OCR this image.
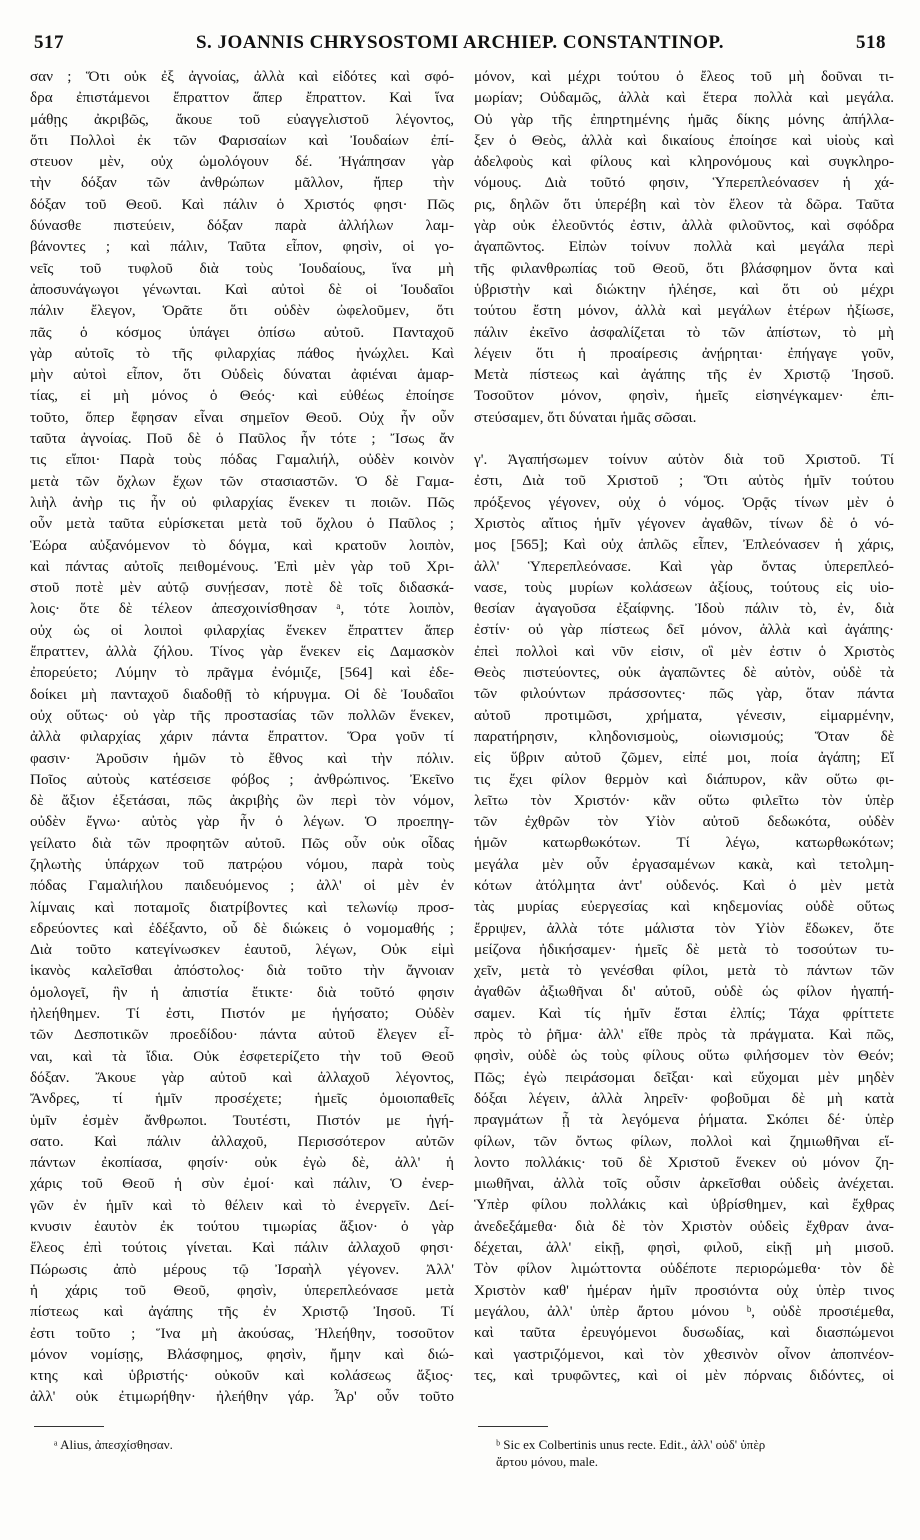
517	S. JOANNIS CHRYSOSTOMI ARCHIEP. CONSTANTINOP.	518
σαν ; Ὅτι οὐκ ἐξ ἀγνοίας, ἀλλὰ καὶ εἰδότες καὶ σφό-
δρα ἐπιστάμενοι ἔπραττον ἅπερ ἔπραττον. Καὶ ἵνα
μάθῃς ἀκριβῶς, ἄκουε τοῦ εὐαγγελιστοῦ λέγοντος,
ὅτι Πολλοὶ ἐκ τῶν Φαρισαίων καὶ Ἰουδαίων ἐπί-
στευον μὲν, οὐχ ὡμολόγουν δέ. Ἠγάπησαν γὰρ
τὴν δόξαν τῶν ἀνθρώπων μᾶλλον, ἤπερ τὴν
δόξαν τοῦ Θεοῦ. Καὶ πάλιν ὁ Χριστός φησι· Πῶς
δύνασθε πιστεύειν, δόξαν παρὰ ἀλλήλων λαμ-
βάνοντες ; καὶ πάλιν, Ταῦτα εἶπον, φησὶν, οἱ γο-
νεῖς τοῦ τυφλοῦ διὰ τοὺς Ἰουδαίους, ἵνα μὴ
ἀποσυνάγωγοι γένωνται. Καὶ αὐτοὶ δὲ οἱ Ἰουδαῖοι
πάλιν ἔλεγον, Ὁρᾶτε ὅτι οὐδὲν ὠφελοῦμεν, ὅτι
πᾶς ὁ κόσμος ὑπάγει ὀπίσω αὐτοῦ. Πανταχοῦ
γὰρ αὐτοῖς τὸ τῆς φιλαρχίας πάθος ἠνώχλει. Καὶ
μὴν αὐτοὶ εἶπον, ὅτι Οὐδεὶς δύναται ἀφιέναι ἁμαρ-
τίας, εἰ μὴ μόνος ὁ Θεός· καὶ εὐθέως ἐποίησε
τοῦτο, ὅπερ ἔφησαν εἶναι σημεῖον Θεοῦ. Οὐχ ἦν οὖν
ταῦτα ἀγνοίας. Ποῦ δὲ ὁ Παῦλος ἦν τότε ; Ἴσως ἄν
τις εἴποι· Παρὰ τοὺς πόδας Γαμαλιήλ, οὐδὲν κοινὸν
μετὰ τῶν ὄχλων ἔχων τῶν στασιαστῶν. Ὁ δὲ Γαμα-
λιὴλ ἀνὴρ τις ἦν οὐ φιλαρχίας ἕνεκεν τι ποιῶν. Πῶς
οὖν μετὰ ταῦτα εὑρίσκεται μετὰ τοῦ ὄχλου ὁ Παῦλος ;
Ἑώρα αὐξανόμενον τὸ δόγμα, καὶ κρατοῦν λοιπὸν,
καὶ πάντας αὐτοῖς πειθομένους. Ἐπὶ μὲν γὰρ τοῦ Χρι-
στοῦ ποτὲ μὲν αὐτῷ συνῄεσαν, ποτὲ δὲ τοῖς διδασκά-
λοις· ὅτε δὲ τέλεον ἀπεσχοινίσθησαν ᵃ, τότε λοιπὸν,
οὐχ ὡς οἱ λοιποὶ φιλαρχίας ἕνεκεν ἔπραττεν ἅπερ
ἔπραττεν, ἀλλὰ ζήλου. Τίνος γὰρ ἕνεκεν εἰς Δαμασκὸν
ἐπορεύετο; Λύμην τὸ πρᾶγμα ἐνόμιζε, [564] καὶ ἐδε-
δοίκει μὴ πανταχοῦ διαδοθῇ τὸ κήρυγμα. Οἱ δὲ Ἰουδαῖοι
οὐχ οὕτως· οὐ γὰρ τῆς προστασίας τῶν πολλῶν ἕνεκεν,
ἀλλὰ φιλαρχίας χάριν πάντα ἔπραττον. Ὅρα γοῦν τί
φασιν· Ἀροῦσιν ἡμῶν τὸ ἔθνος καὶ τὴν πόλιν.
Ποῖος αὐτοὺς κατέσεισε φόβος ; ἀνθρώπινος. Ἐκεῖνο
δὲ ἄξιον ἐξετάσαι, πῶς ἀκριβὴς ὢν περὶ τὸν νόμον,
οὐδὲν ἔγνω· αὐτὸς γὰρ ἦν ὁ λέγων. Ὁ προεπηγ-
γείλατο διὰ τῶν προφητῶν αὐτοῦ. Πῶς οὖν οὐκ οἶδας
ζηλωτὴς ὑπάρχων τοῦ πατρῴου νόμου, παρὰ τοὺς
πόδας Γαμαλιήλου παιδευόμενος ; ἀλλ' οἱ μὲν ἐν
λίμναις καὶ ποταμοῖς διατρίβοντες καὶ τελωνίῳ προσ-
εδρεύοντες καὶ ἐδέξαντο, οὗ δὲ διώκεις ὁ νομομαθής ;
Διὰ τοῦτο κατεγίνωσκεν ἑαυτοῦ, λέγων, Οὐκ εἰμὶ
ἱκανὸς καλεῖσθαι ἀπόστολος· διὰ τοῦτο τὴν ἄγνοιαν
ὁμολογεῖ, ἣν ἡ ἀπιστία ἔτικτε· διὰ τοῦτό φησιν
ἠλεήθημεν. Τί ἐστι, Πιστόν με ἡγήσατο; Οὐδὲν
τῶν Δεσποτικῶν προεδίδου· πάντα αὐτοῦ ἔλεγεν εἶ-
ναι, καὶ τὰ ἴδια. Οὐκ ἐσφετερίζετο τὴν τοῦ Θεοῦ
δόξαν. Ἄκουε γὰρ αὐτοῦ καὶ ἀλλαχοῦ λέγοντος,
Ἄνδρες, τί ἡμῖν προσέχετε; ἡμεῖς ὁμοιοπαθεῖς
ὑμῖν ἐσμὲν ἄνθρωποι. Τουτέστι, Πιστόν με ἡγή-
σατο. Καὶ πάλιν ἀλλαχοῦ, Περισσότερον αὐτῶν
πάντων ἐκοπίασα, φησίν· οὐκ ἐγὼ δὲ, ἀλλ' ἡ
χάρις τοῦ Θεοῦ ἡ σὺν ἐμοί· καὶ πάλιν, Ὁ ἐνερ-
γῶν ἐν ἡμῖν καὶ τὸ θέλειν καὶ τὸ ἐνεργεῖν. Δεί-
κνυσιν ἑαυτὸν ἐκ τούτου τιμωρίας ἄξιον· ὁ γὰρ
ἔλεος ἐπὶ τούτοις γίνεται. Καὶ πάλιν ἀλλαχοῦ φησι·
Πώρωσις ἀπὸ μέρους τῷ Ἰσραὴλ γέγονεν. Ἀλλ'
ἡ χάρις τοῦ Θεοῦ, φησὶν, ὑπερεπλεόνασε μετὰ
πίστεως καὶ ἀγάπης τῆς ἐν Χριστῷ Ἰησοῦ. Τί
ἐστι τοῦτο ; Ἵνα μὴ ἀκούσας, Ἠλεήθην, τοσοῦτον
μόνον νομίσῃς, Βλάσφημος, φησὶν, ἤμην καὶ διώ-
κτης καὶ ὑβριστής· οὐκοῦν καὶ κολάσεως ἄξιος·
ἀλλ' οὐκ ἐτιμωρήθην· ἠλεήθην γάρ. Ἆρ' οὖν τοῦτο
μόνον, καὶ μέχρι τούτου ὁ ἔλεος τοῦ μὴ δοῦναι τι-
μωρίαν; Οὐδαμῶς, ἀλλὰ καὶ ἕτερα πολλὰ καὶ μεγάλα.
Οὐ γὰρ τῆς ἐπηρτημένης ἡμᾶς δίκης μόνης ἀπήλλα-
ξεν ὁ Θεὸς, ἀλλὰ καὶ δικαίους ἐποίησε καὶ υἱοὺς καὶ
ἀδελφοὺς καὶ φίλους καὶ κληρονόμους καὶ συγκληρο-
νόμους. Διὰ τοῦτό φησιν, Ὑπερεπλεόνασεν ἡ χά-
ρις, δηλῶν ὅτι ὑπερέβη καὶ τὸν ἔλεον τὰ δῶρα. Ταῦτα
γὰρ οὐκ ἐλεοῦντός ἐστιν, ἀλλὰ φιλοῦντος, καὶ σφόδρα
ἀγαπῶντος. Εἰπὼν τοίνυν πολλὰ καὶ μεγάλα περὶ
τῆς φιλανθρωπίας τοῦ Θεοῦ, ὅτι βλάσφημον ὄντα καὶ
ὑβριστὴν καὶ διώκτην ἠλέησε, καὶ ὅτι οὐ μέχρι
τούτου ἔστη μόνον, ἀλλὰ καὶ μεγάλων ἑτέρων ἠξίωσε,
πάλιν ἐκεῖνο ἀσφαλίζεται τὸ τῶν ἀπίστων, τὸ μὴ
λέγειν ὅτι ἡ προαίρεσις ἀνῄρηται· ἐπήγαγε γοῦν,
Μετὰ πίστεως καὶ ἀγάπης τῆς ἐν Χριστῷ Ἰησοῦ.
Τοσοῦτον μόνον, φησὶν, ἡμεῖς εἰσηνέγκαμεν· ἐπι-
στεύσαμεν, ὅτι δύναται ἡμᾶς σῶσαι.
γ'. Ἀγαπήσωμεν τοίνυν αὐτὸν διὰ τοῦ Χριστοῦ. Τί
ἐστι, Διὰ τοῦ Χριστοῦ ; Ὅτι αὐτὸς ἡμῖν τούτου
πρόξενος γέγονεν, οὐχ ὁ νόμος. Ὁρᾷς τίνων μὲν ὁ
Χριστὸς αἴτιος ἡμῖν γέγονεν ἀγαθῶν, τίνων δὲ ὁ νό-
μος [565]; Καὶ οὐχ ἁπλῶς εἶπεν, Ἐπλεόνασεν ἡ χάρις,
ἀλλ' Ὑπερεπλεόνασε. Καὶ γὰρ ὄντας ὑπερεπλεό-
νασε, τοὺς μυρίων κολάσεων ἀξίους, τούτους εἰς υἱο-
θεσίαν ἀγαγοῦσα ἐξαίφνης. Ἰδοὺ πάλιν τὸ, ἐν, διὰ
ἐστίν· οὐ γὰρ πίστεως δεῖ μόνον, ἀλλὰ καὶ ἀγάπης·
ἐπεὶ πολλοὶ καὶ νῦν εἰσιν, οἳ μὲν ἐστιν ὁ Χριστὸς
Θεὸς πιστεύοντες, οὐκ ἀγαπῶντες δὲ αὐτὸν, οὐδὲ τὰ
τῶν φιλούντων πράσσοντες· πῶς γὰρ, ὅταν πάντα
αὐτοῦ προτιμῶσι, χρήματα, γένεσιν, εἱμαρμένην,
παρατήρησιν, κληδονισμοὺς, οἰωνισμούς; Ὅταν δὲ
εἰς ὕβριν αὐτοῦ ζῶμεν, εἰπέ μοι, ποία ἀγάπη; Εἴ
τις ἔχει φίλον θερμὸν καὶ διάπυρον, κἂν οὕτω φι-
λεῖτω τὸν Χριστόν· κἂν οὕτω φιλεῖτω τὸν ὑπὲρ
τῶν ἐχθρῶν τὸν Υἱὸν αὐτοῦ δεδωκότα, οὐδὲν
ἡμῶν κατωρθωκότων. Τί λέγω, κατωρθωκότων;
μεγάλα μὲν οὖν ἐργασαμένων κακὰ, καὶ τετολμη-
κότων ἀτόλμητα ἀντ' οὐδενός. Καὶ ὁ μὲν μετὰ
τὰς μυρίας εὐεργεσίας καὶ κηδεμονίας οὐδὲ οὕτως
ἔρριψεν, ἀλλὰ τότε μάλιστα τὸν Υἱὸν ἔδωκεν, ὅτε
μείζονα ἠδικήσαμεν· ἡμεῖς δὲ μετὰ τὸ τοσούτων τυ-
χεῖν, μετὰ τὸ γενέσθαι φίλοι, μετὰ τὸ πάντων τῶν
ἀγαθῶν ἀξιωθῆναι δι' αὐτοῦ, οὐδὲ ὡς φίλον ἠγαπή-
σαμεν. Καὶ τίς ἡμῖν ἔσται ἐλπίς; Τάχα φρίττετε
πρὸς τὸ ῥῆμα· ἀλλ' εἴθε πρὸς τὰ πράγματα. Καὶ πῶς,
φησὶν, οὐδὲ ὡς τοὺς φίλους οὕτω φιλήσομεν τὸν Θεόν;
Πῶς; ἐγὼ πειράσομαι δεῖξαι· καὶ εὔχομαι μὲν μηδὲν
δόξαι λέγειν, ἀλλὰ ληρεῖν· φοβοῦμαι δὲ μὴ κατὰ
πραγμάτων ᾖ τὰ λεγόμενα ῥήματα. Σκόπει δέ· ὑπὲρ
φίλων, τῶν ὄντως φίλων, πολλοὶ καὶ ζημιωθῆναι εἵ-
λοντο πολλάκις· τοῦ δὲ Χριστοῦ ἕνεκεν οὐ μόνον ζη-
μιωθῆναι, ἀλλὰ τοῖς οὖσιν ἀρκεῖσθαι οὐδεὶς ἀνέχεται.
Ὑπὲρ φίλου πολλάκις καὶ ὑβρίσθημεν, καὶ ἔχθρας
ἀνεδεξάμεθα· διὰ δὲ τὸν Χριστὸν οὐδεὶς ἔχθραν ἀνα-
δέχεται, ἀλλ' εἰκῇ, φησὶ, φιλοῦ, εἰκῇ μὴ μισοῦ.
Τὸν φίλον λιμώττοντα οὐδέποτε περιορώμεθα· τὸν δὲ
Χριστὸν καθ' ἡμέραν ἡμῖν προσιόντα οὐχ ὑπὲρ τινος
μεγάλου, ἀλλ' ὑπὲρ ἄρτου μόνου ᵇ, οὐδὲ προσιέμεθα,
καὶ ταῦτα ἐρευγόμενοι δυσωδίας, καὶ διασπώμενοι
καὶ γαστριζόμενοι, καὶ τὸν χθεσινὸν οἶνον ἀποπνέον-
τες, καὶ τρυφῶντες, καὶ οἱ μὲν πόρναις διδόντες, οἱ
ᵃ Alius, ἀπεσχίσθησαν.	ᵇ Sic ex Colbertinis unus recte. Edit., ἀλλ' οὐδ' ὑπὲρ
ἄρτου μόνου, male.
